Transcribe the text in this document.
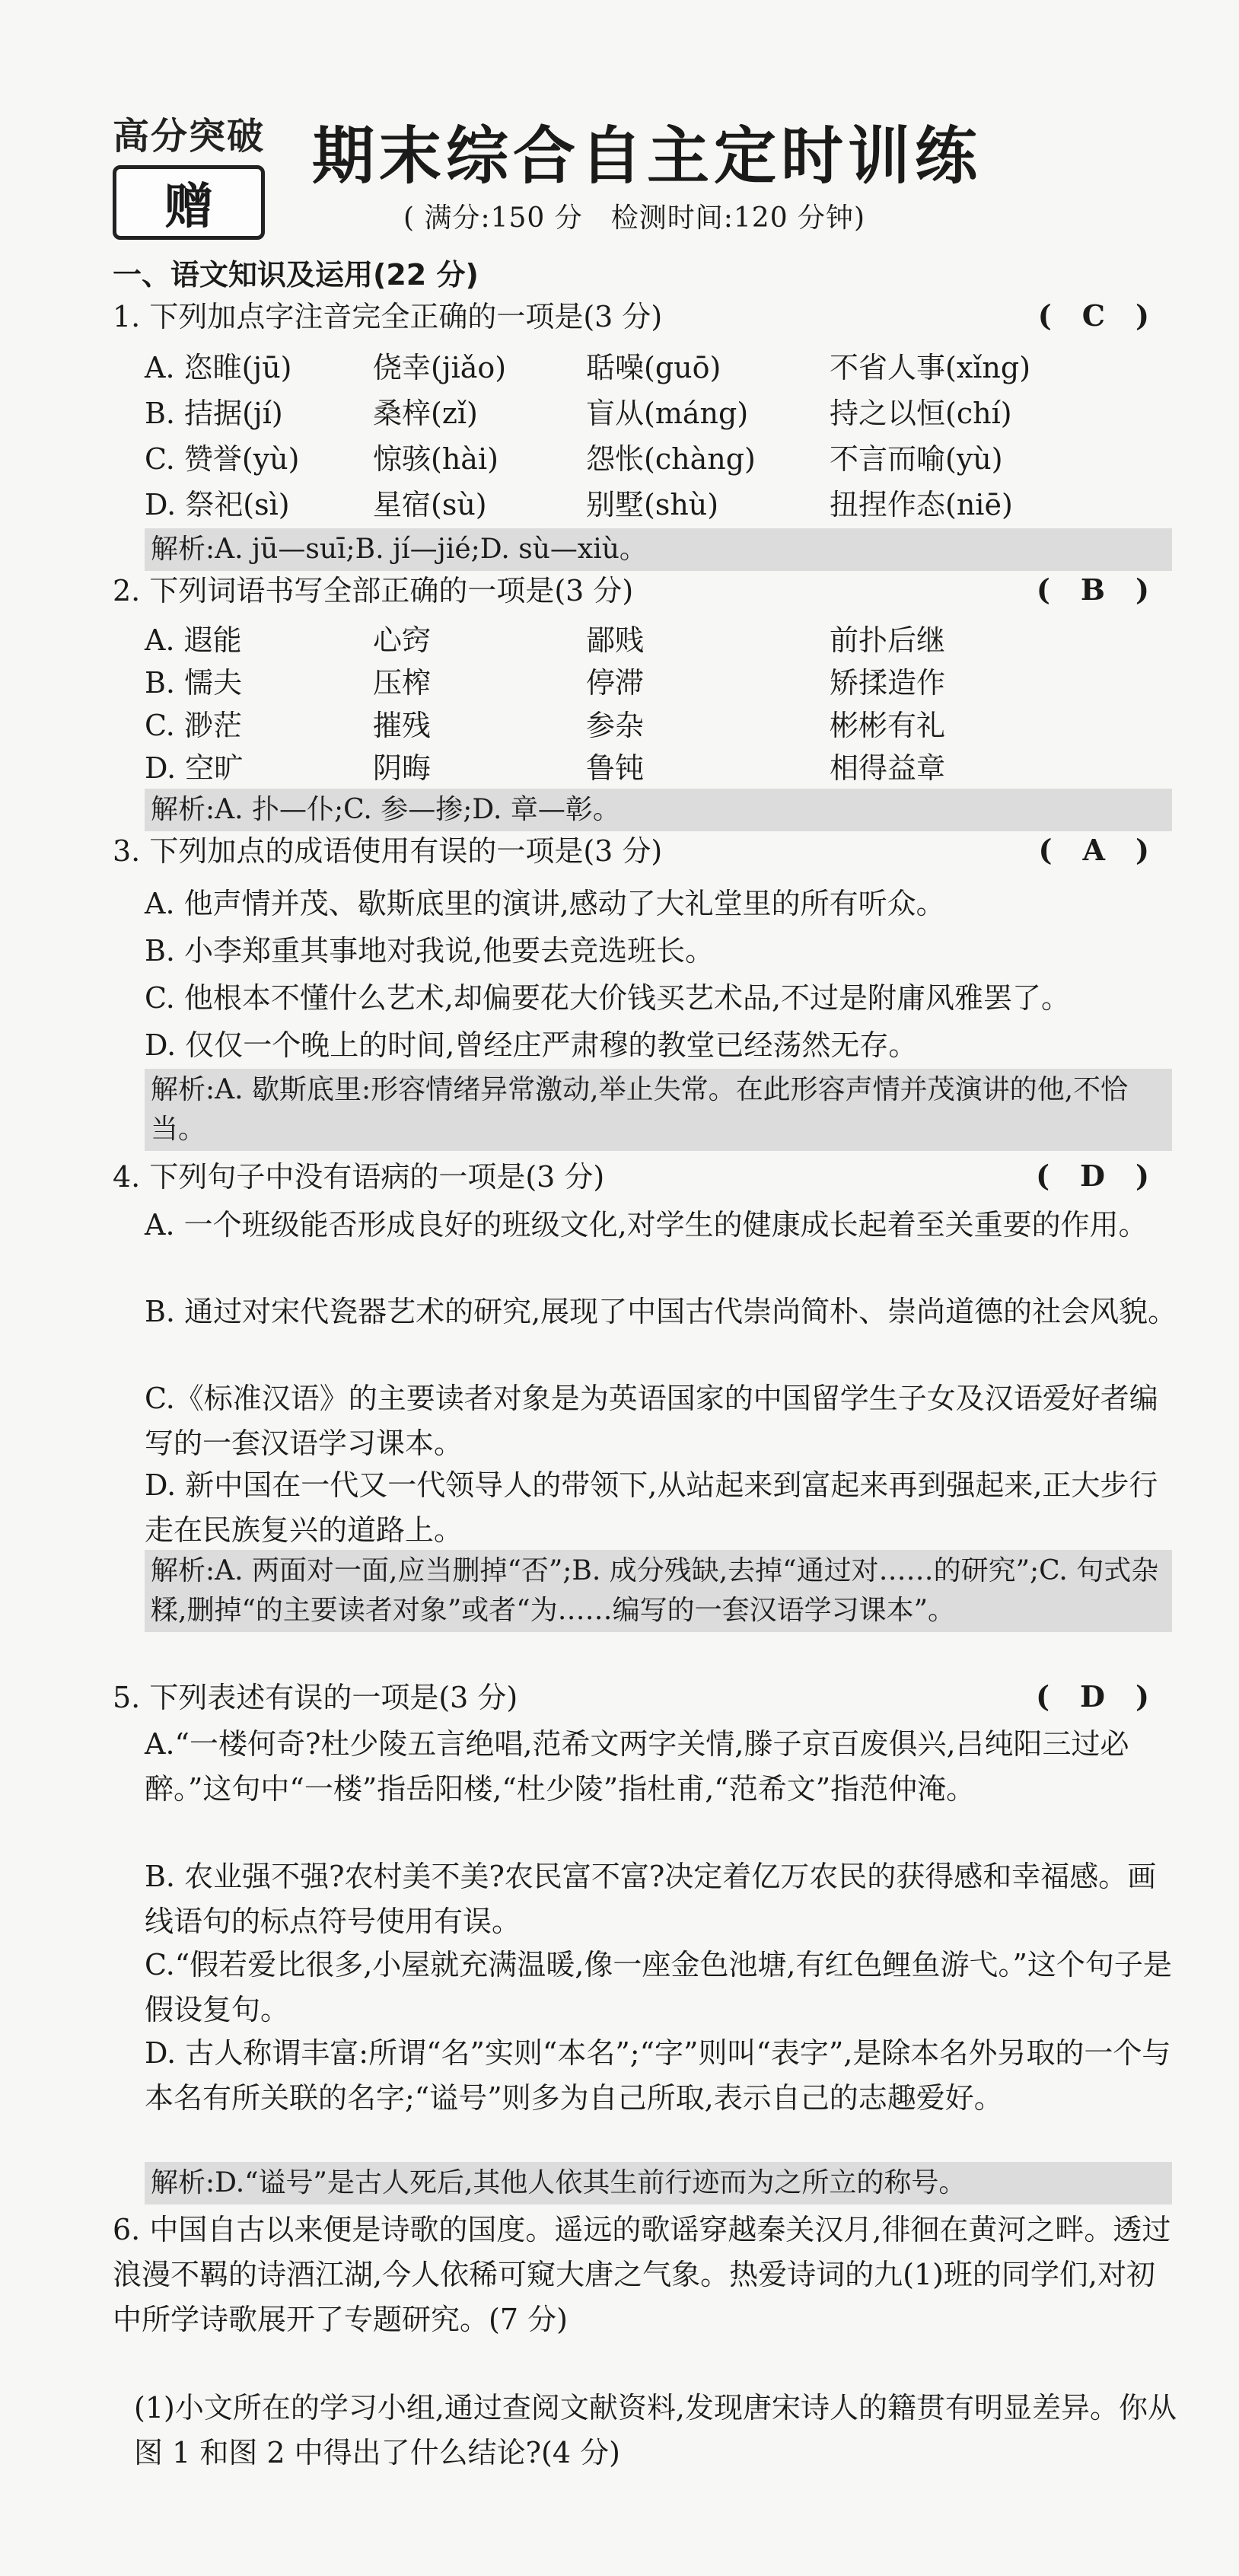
高分突破
赠
期末综合自主定时训练
( 满分:150 分　检测时间:120 分钟)
一、语文知识及运用(22 分)
1. 下列加点字注音完全正确的一项是(3 分)	(C)
A. 恣睢(jū)	侥幸(jiǎo)	聒噪(guō)	不省人事(xǐng)
B. 拮据(jí)	桑梓(zǐ)	盲从(máng)	持之以恒(chí)
C. 赞誉(yù)	惊骇(hài)	怨怅(chàng)	不言而喻(yù)
D. 祭祀(sì)	星宿(sù)	别墅(shù)	扭捏作态(niē)
解析:A. jū—suī;B. jí—jié;D. sù—xiù。
2. 下列词语书写全部正确的一项是(3 分)	(B)
A. 遐能	心窍	鄙贱	前扑后继
B. 懦夫	压榨	停滞	矫揉造作
C. 渺茫	摧残	参杂	彬彬有礼
D. 空旷	阴晦	鲁钝	相得益章
解析:A. 扑—仆;C. 参—掺;D. 章—彰。
3. 下列加点的成语使用有误的一项是(3 分)	(A)
A. 他声情并茂、歇斯底里的演讲,感动了大礼堂里的所有听众。
B. 小李郑重其事地对我说,他要去竞选班长。
C. 他根本不懂什么艺术,却偏要花大价钱买艺术品,不过是附庸风雅罢了。
D. 仅仅一个晚上的时间,曾经庄严肃穆的教堂已经荡然无存。
解析:A. 歇斯底里:形容情绪异常激动,举止失常。在此形容声情并茂演讲的他,不恰当。
4. 下列句子中没有语病的一项是(3 分)	(D)
A. 一个班级能否形成良好的班级文化,对学生的健康成长起着至关重要的作用。
B. 通过对宋代瓷器艺术的研究,展现了中国古代崇尚简朴、崇尚道德的社会风貌。
C.《标准汉语》的主要读者对象是为英语国家的中国留学生子女及汉语爱好者编写的一套汉语学习课本。
D. 新中国在一代又一代领导人的带领下,从站起来到富起来再到强起来,正大步行走在民族复兴的道路上。
解析:A. 两面对一面,应当删掉“否”;B. 成分残缺,去掉“通过对……的研究”;C. 句式杂糅,删掉“的主要读者对象”或者“为……编写的一套汉语学习课本”。
5. 下列表述有误的一项是(3 分)	(D)
A.“一楼何奇?杜少陵五言绝唱,范希文两字关情,滕子京百废俱兴,吕纯阳三过必醉。”这句中“一楼”指岳阳楼,“杜少陵”指杜甫,“范希文”指范仲淹。
B. 农业强不强?农村美不美?农民富不富?决定着亿万农民的获得感和幸福感。画线语句的标点符号使用有误。
C.“假若爱比很多,小屋就充满温暖,像一座金色池塘,有红色鲤鱼游弋。”这个句子是假设复句。
D. 古人称谓丰富:所谓“名”实则“本名”;“字”则叫“表字”,是除本名外另取的一个与本名有所关联的名字;“谥号”则多为自己所取,表示自己的志趣爱好。
解析:D.“谥号”是古人死后,其他人依其生前行迹而为之所立的称号。
6. 中国自古以来便是诗歌的国度。遥远的歌谣穿越秦关汉月,徘徊在黄河之畔。透过浪漫不羁的诗酒江湖,今人依稀可窥大唐之气象。热爱诗词的九(1)班的同学们,对初中所学诗歌展开了专题研究。(7 分)
(1)小文所在的学习小组,通过查阅文献资料,发现唐宋诗人的籍贯有明显差异。你从图 1 和图 2 中得出了什么结论?(4 分)
